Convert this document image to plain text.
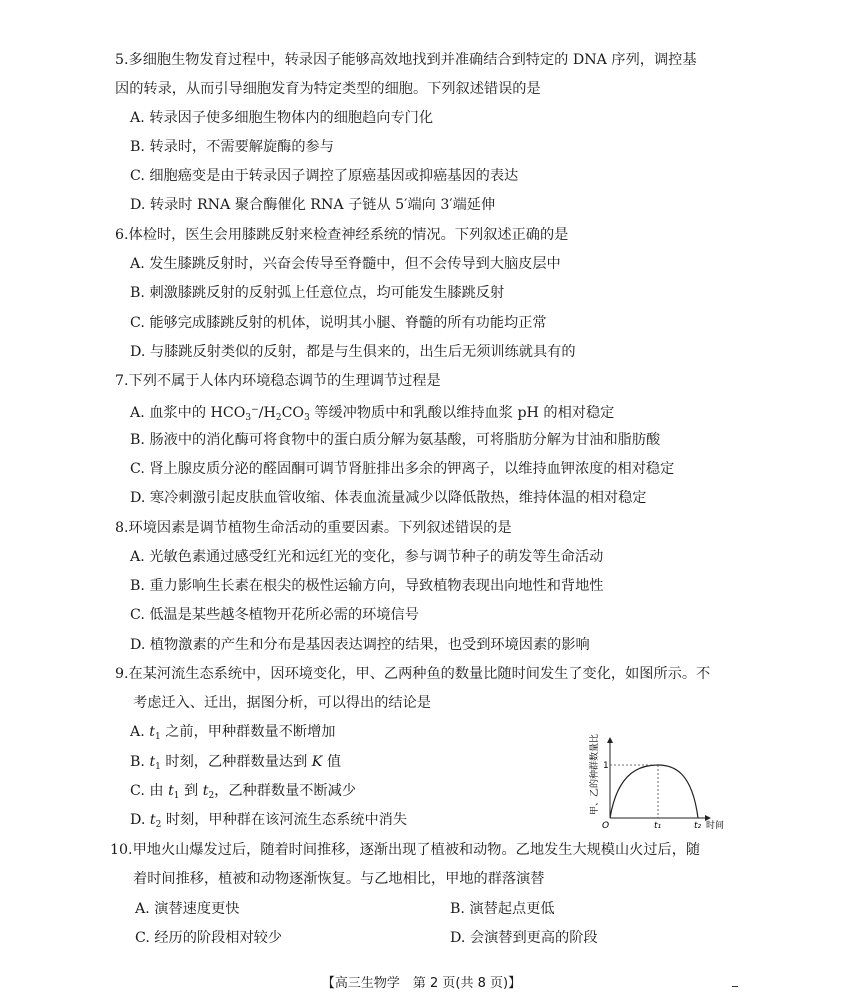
5.多细胞生物发育过程中，转录因子能够高效地找到并准确结合到特定的 DNA 序列，调控基
因的转录，从而引导细胞发育为特定类型的细胞。下列叙述错误的是
A. 转录因子使多细胞生物体内的细胞趋向专门化
B. 转录时，不需要解旋酶的参与
C. 细胞癌变是由于转录因子调控了原癌基因或抑癌基因的表达
D. 转录时 RNA 聚合酶催化 RNA 子链从 5′端向 3′端延伸
6.体检时，医生会用膝跳反射来检查神经系统的情况。下列叙述正确的是
A. 发生膝跳反射时，兴奋会传导至脊髓中，但不会传导到大脑皮层中
B. 刺激膝跳反射的反射弧上任意位点，均可能发生膝跳反射
C. 能够完成膝跳反射的机体，说明其小腿、脊髓的所有功能均正常
D. 与膝跳反射类似的反射，都是与生俱来的，出生后无须训练就具有的
7.下列不属于人体内环境稳态调节的生理调节过程是
A. 血浆中的 $HCO_3^-/H_2CO_3$ 等缓冲物质中和乳酸以维持血浆 pH 的相对稳定
B. 肠液中的消化酶可将食物中的蛋白质分解为氨基酸，可将脂肪分解为甘油和脂肪酸
C. 肾上腺皮质分泌的醛固酮可调节肾脏排出多余的钾离子，以维持血钾浓度的相对稳定
D. 寒冷刺激引起皮肤血管收缩、体表血流量减少以降低散热，维持体温的相对稳定
8.环境因素是调节植物生命活动的重要因素。下列叙述错误的是
A. 光敏色素通过感受红光和远红光的变化，参与调节种子的萌发等生命活动
B. 重力影响生长素在根尖的极性运输方向，导致植物表现出向地性和背地性
C. 低温是某些越冬植物开花所必需的环境信号
D. 植物激素的产生和分布是基因表达调控的结果，也受到环境因素的影响
9.在某河流生态系统中，因环境变化，甲、乙两种鱼的数量比随时间发生了变化，如图所示。不
考虑迁入、迁出，据图分析，可以得出的结论是
A. $t_1$ 之前，甲种群数量不断增加
B. $t_1$ 时刻，乙种群数量达到 K 值
C. 由 $t_1$ 到 $t_2$，乙种群数量不断减少
D. $t_2$ 时刻，甲种群在该河流生态系统中消失
甲、乙的种群数量比 1
O	t₁	t₂ 时间
10.甲地火山爆发过后，随着时间推移，逐渐出现了植被和动物。乙地发生大规模山火过后，随
着时间推移，植被和动物逐渐恢复。与乙地相比，甲地的群落演替
A. 演替速度更快	B. 演替起点更低
C. 经历的阶段相对较少	D. 会演替到更高的阶段
【高三生物学　第 2 页(共 8 页)】
